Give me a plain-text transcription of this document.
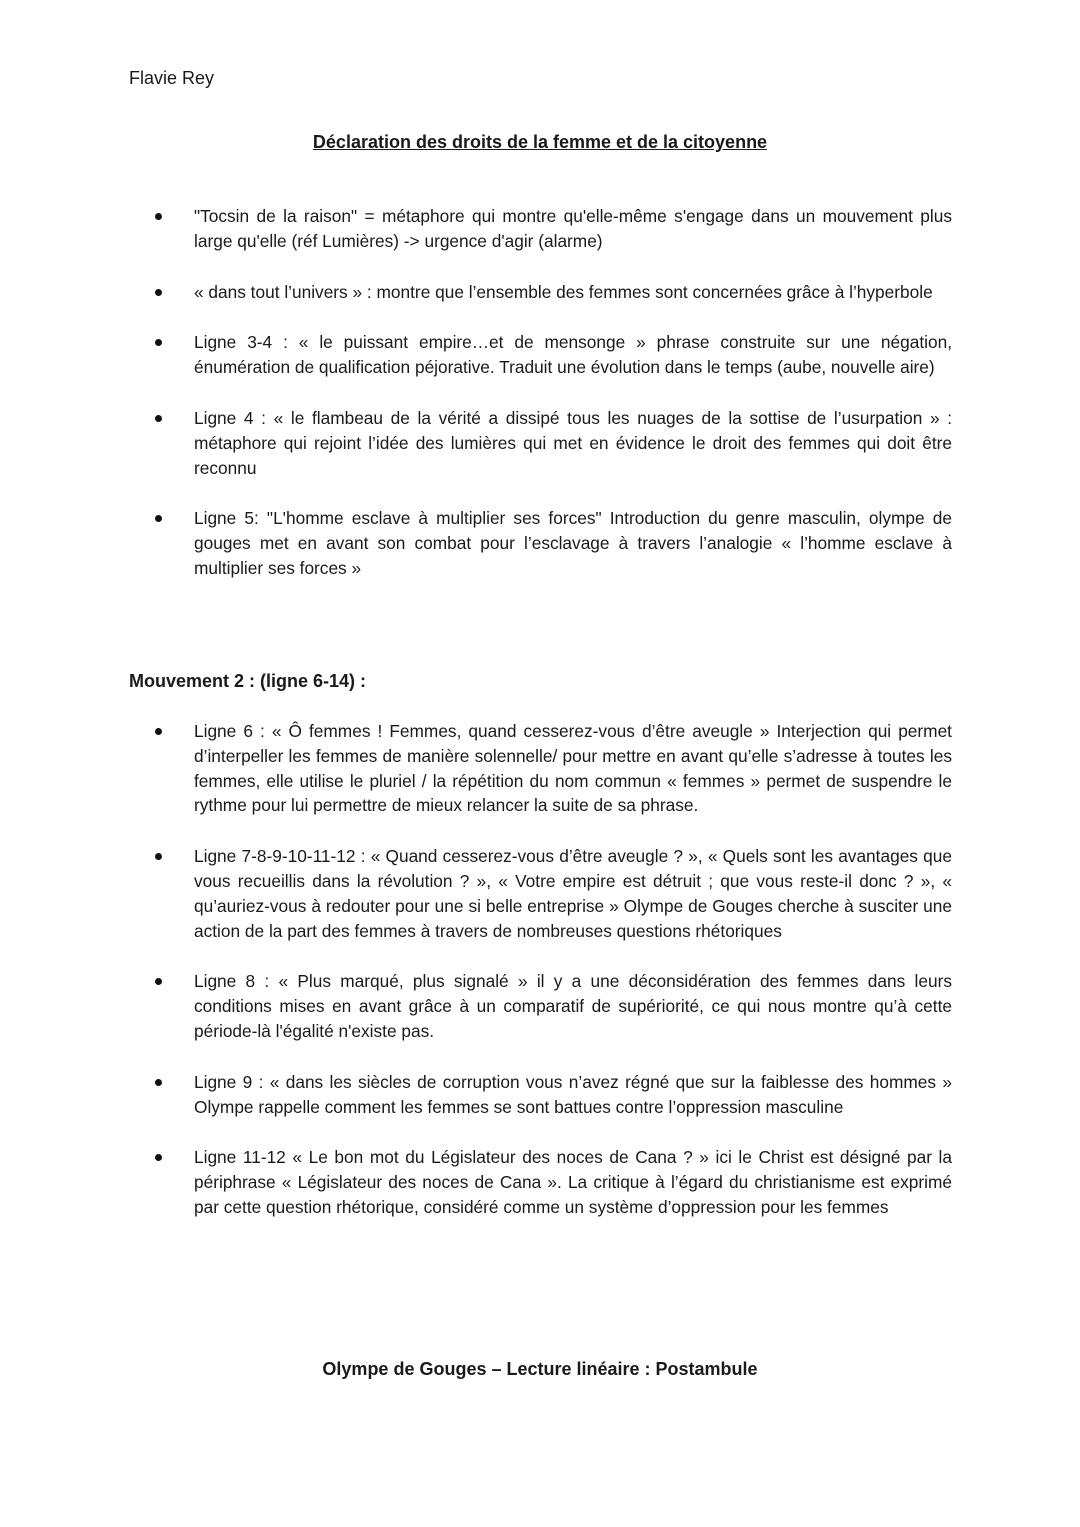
Flavie Rey
Déclaration des droits de la femme et de la citoyenne
"Tocsin de la raison" = métaphore qui montre qu'elle-même s'engage dans un mouvement plus large qu'elle (réf Lumières) -> urgence d'agir (alarme)
« dans tout l’univers » : montre que l’ensemble des femmes sont concernées grâce à l’hyperbole
Ligne 3-4 : « le puissant empire…et de mensonge » phrase construite sur une négation, énumération de qualification péjorative. Traduit une évolution dans le temps (aube, nouvelle aire)
Ligne 4 : « le flambeau de la vérité a dissipé tous les nuages de la sottise de l’usurpation » : métaphore qui rejoint l’idée des lumières qui met en évidence le droit des femmes qui doit être reconnu
Ligne 5: "L'homme esclave à multiplier ses forces" Introduction du genre masculin, olympe de gouges met en avant son combat pour l’esclavage à travers l’analogie « l’homme esclave à multiplier ses forces »
Mouvement 2 : (ligne 6-14) :
Ligne 6 : « Ô femmes ! Femmes, quand cesserez-vous d’être aveugle » Interjection qui permet d’interpeller les femmes de manière solennelle/ pour mettre en avant qu’elle s’adresse à toutes les femmes, elle utilise le pluriel / la répétition du nom commun « femmes » permet de suspendre le rythme pour lui permettre de mieux relancer la suite de sa phrase.
Ligne 7-8-9-10-11-12 : « Quand cesserez-vous d’être aveugle ? », « Quels sont les avantages que vous recueillis dans la révolution ? », « Votre empire est détruit ; que vous reste-il donc ? », « qu’auriez-vous à redouter pour une si belle entreprise » Olympe de Gouges cherche à susciter une action de la part des femmes à travers de nombreuses questions rhétoriques
Ligne 8 : « Plus marqué, plus signalé » il y a une déconsidération des femmes dans leurs conditions mises en avant grâce à un comparatif de supériorité, ce qui nous montre qu’à cette période-là l'égalité n'existe pas.
Ligne 9 : « dans les siècles de corruption vous n’avez régné que sur la faiblesse des hommes » Olympe rappelle comment les femmes se sont battues contre l’oppression masculine
Ligne 11-12 « Le bon mot du Législateur des noces de Cana ? » ici le Christ est désigné par la périphrase « Législateur des noces de Cana ». La critique à l’égard du christianisme est exprimé par cette question rhétorique, considéré comme un système d’oppression pour les femmes
Olympe de Gouges – Lecture linéaire : Postambule
